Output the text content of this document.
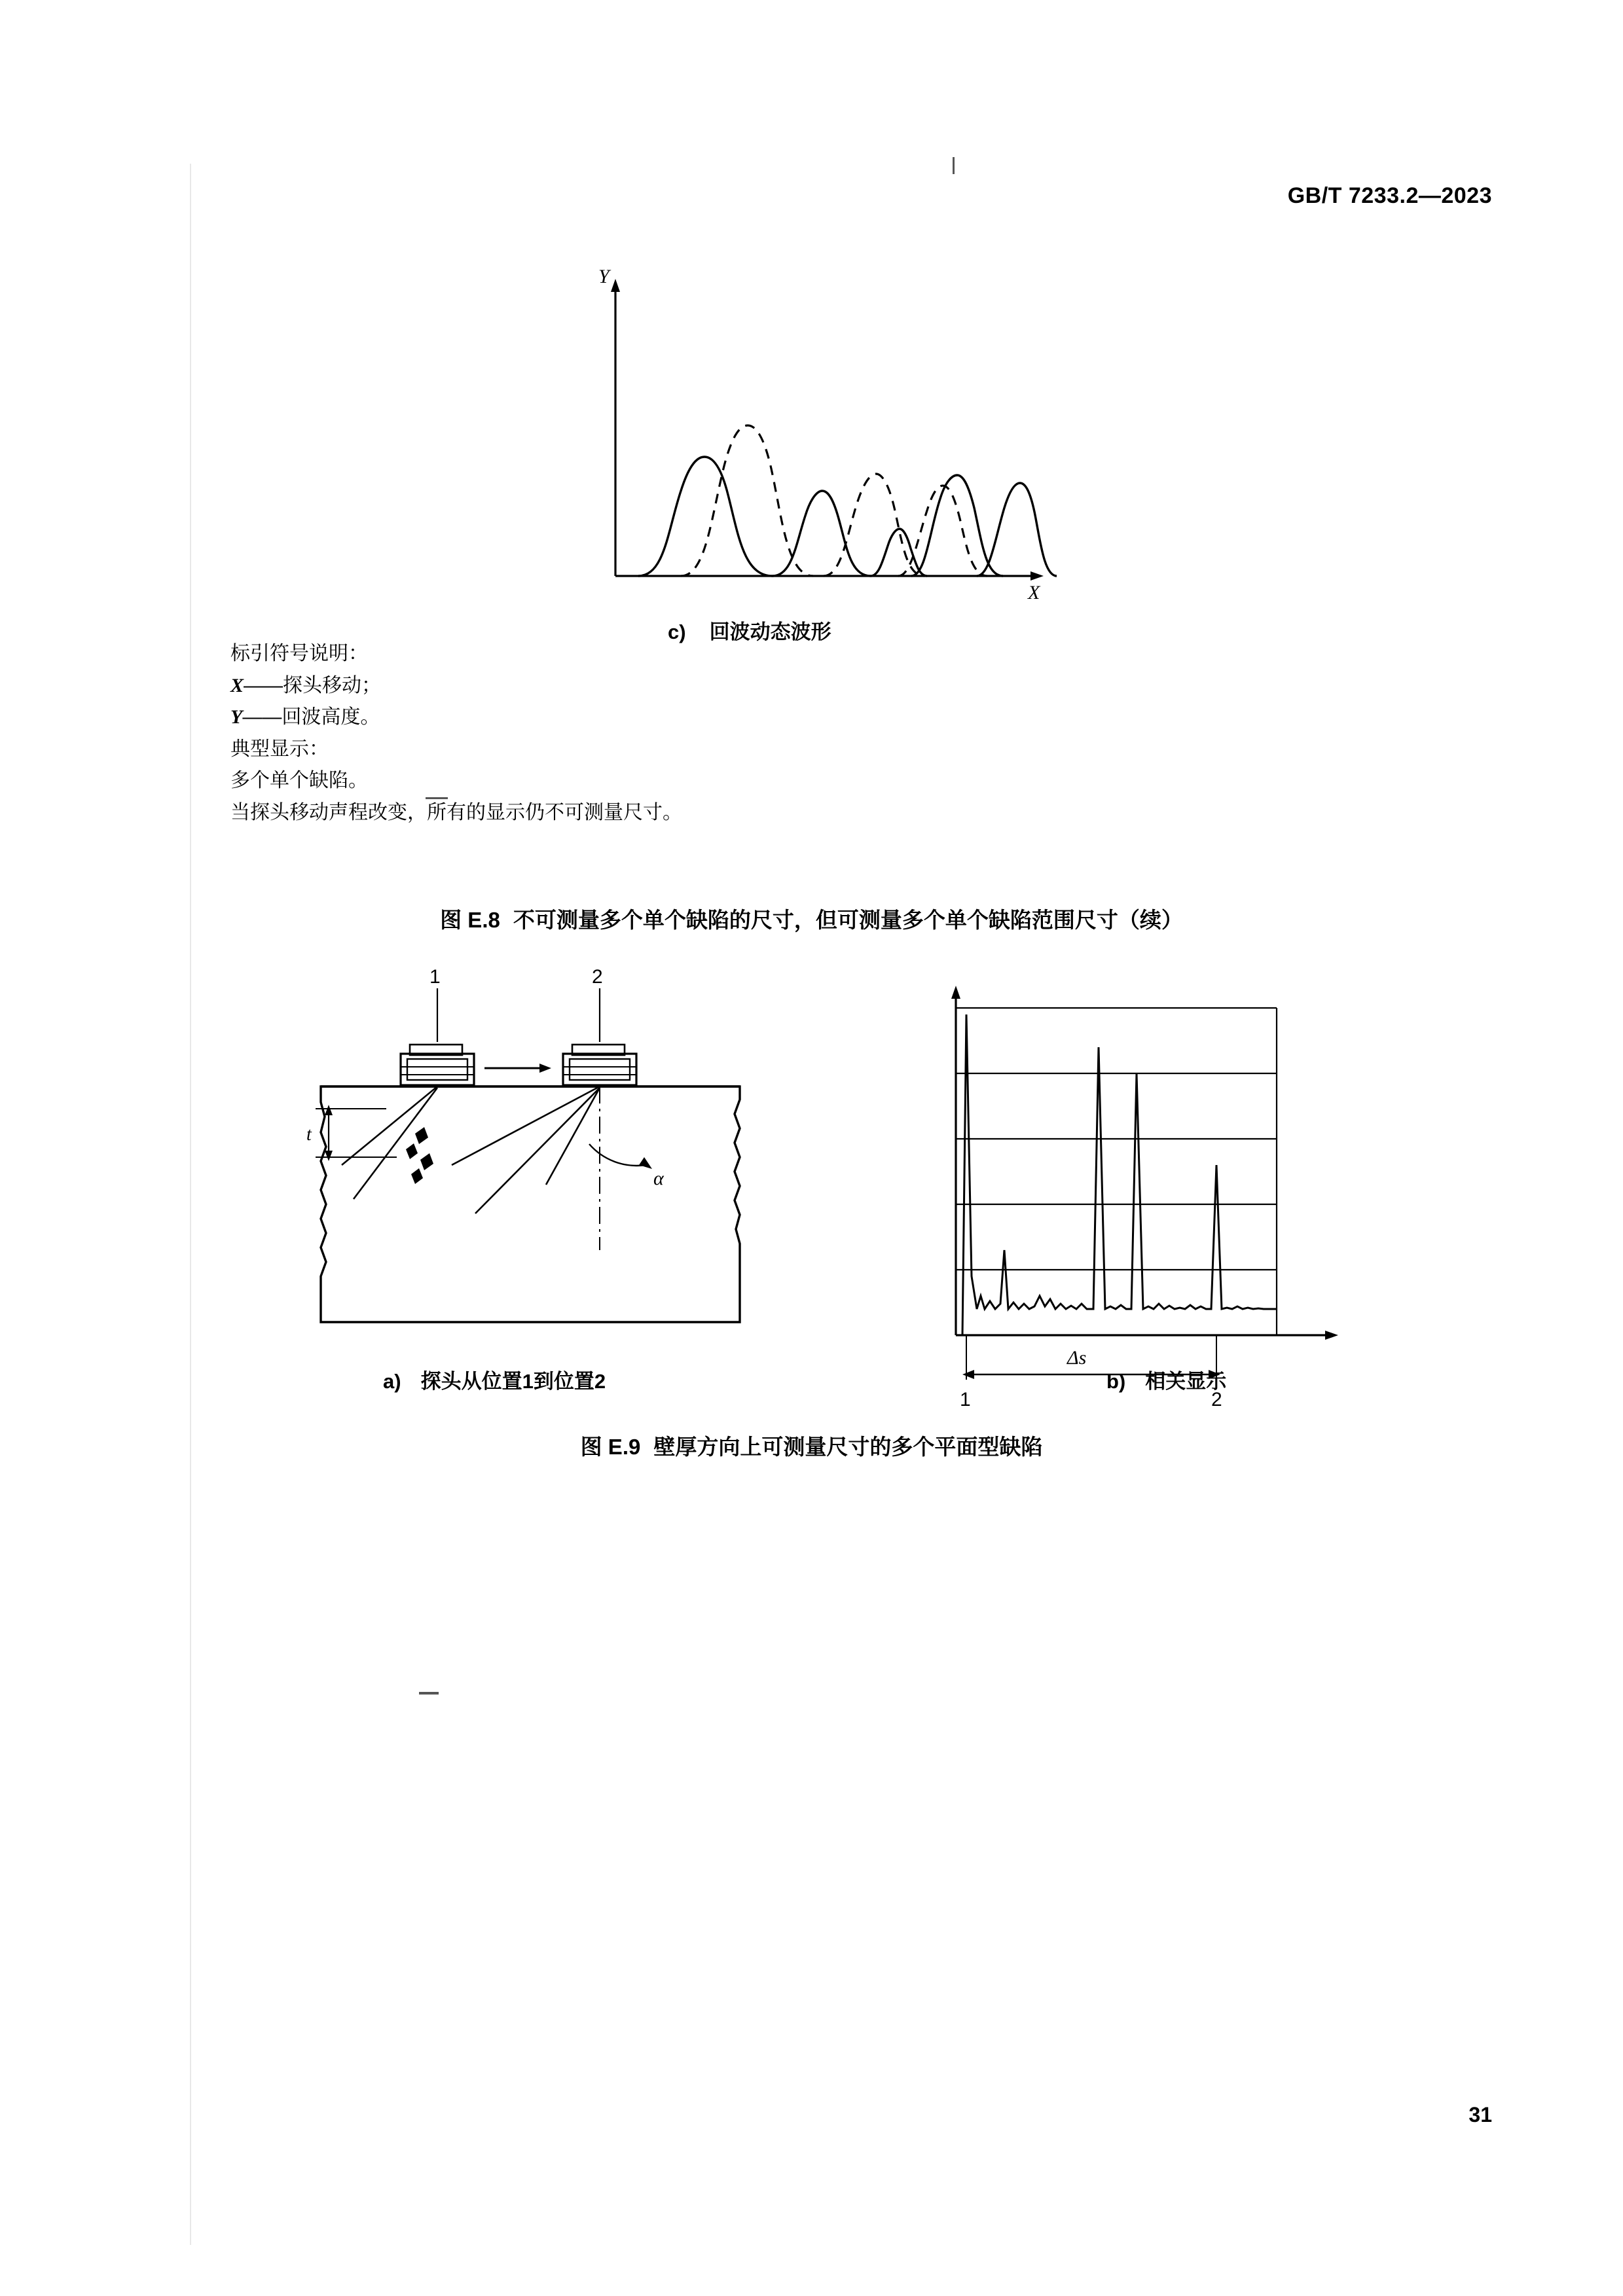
GB/T 7233.2—2023
Y
X
c) 回波动态波形
标引符号说明：
X——探头移动；
Y——回波高度。
典型显示：
多个单个缺陷。
当探头移动声程改变，所有的显示仍不可测量尺寸。
图 E.8 不可测量多个单个缺陷的尺寸，但可测量多个单个缺陷范围尺寸（续）
1	2
α
t
Δs
1	2
a) 探头从位置1到位置2	b) 相关显示
图 E.9 壁厚方向上可测量尺寸的多个平面型缺陷
31
